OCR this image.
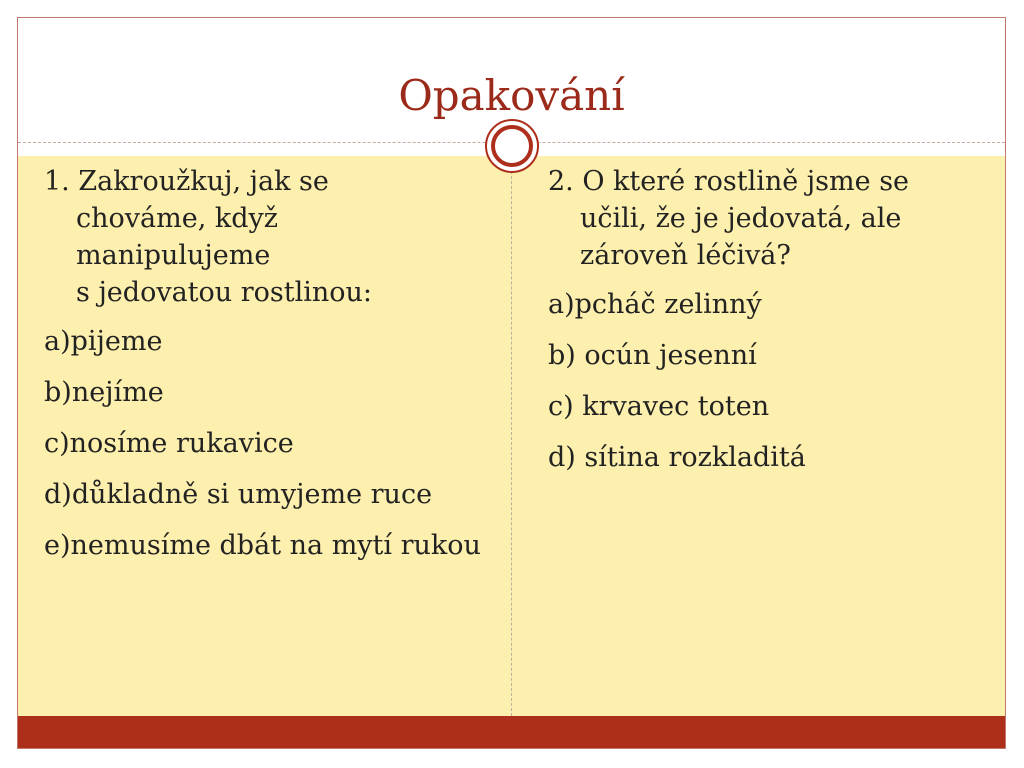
Opakování

1. Zakroužkuj, jak se
chováme, když
manipulujeme
s jedovatou rostlinou:

a)pijeme

b)nejíme

c)nosíme rukavice

d)důkladně si umyjeme ruce

e)nemusíme dbát na mytí rukou

2. O které rostlině jsme se
učili, že je jedovatá, ale
zároveň léčivá?

a)pcháč zelinný

b) ocún jesenní

c) krvavec toten

d) sítina rozkladitá
